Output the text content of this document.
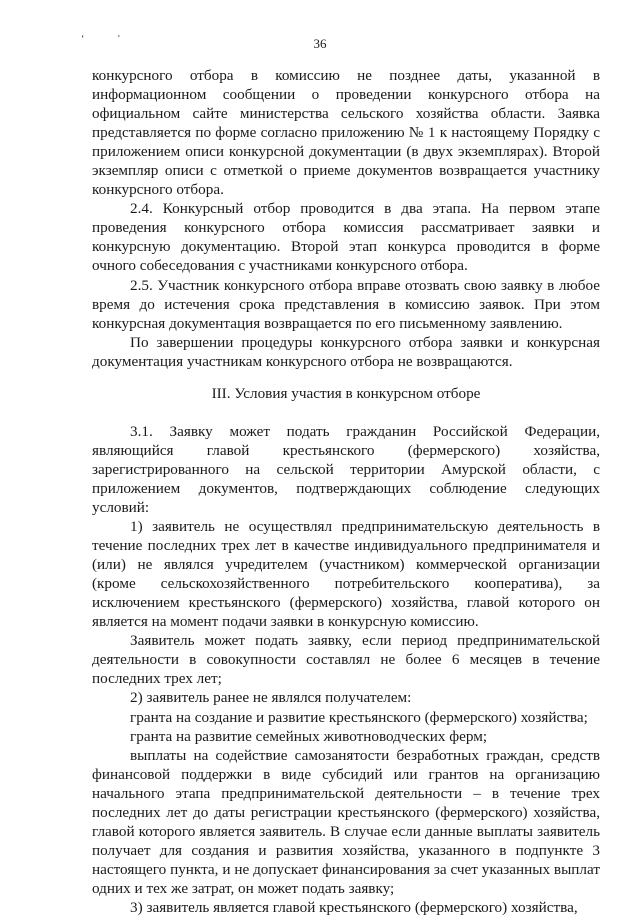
‘	'	36

конкурсного отбора в комиссию не позднее даты, указанной в информационном сообщении о проведении конкурсного отбора на официальном сайте министерства сельского хозяйства области. Заявка представляется по форме согласно приложению № 1 к настоящему Порядку с приложением описи конкурсной документации (в двух экземплярах). Второй экземпляр описи с отметкой о приеме документов возвращается участнику конкурсного отбора.

2.4. Конкурсный отбор проводится в два этапа. На первом этапе проведения конкурсного отбора комиссия рассматривает заявки и конкурсную документацию. Второй этап конкурса проводится в форме очного собеседования с участниками конкурсного отбора.

2.5. Участник конкурсного отбора вправе отозвать свою заявку в любое время до истечения срока представления в комиссию заявок. При этом конкурсная документация возвращается по его письменному заявлению.

По завершении процедуры конкурсного отбора заявки и конкурсная документация участникам конкурсного отбора не возвращаются.

III. Условия участия в конкурсном отборе

3.1. Заявку может подать гражданин Российской Федерации, являющийся главой крестьянского (фермерского) хозяйства, зарегистрированного на сельской территории Амурской области, с приложением документов, подтверждающих соблюдение следующих условий:

1) заявитель не осуществлял предпринимательскую деятельность в течение последних трех лет в качестве индивидуального предпринимателя и (или) не являлся учредителем (участником) коммерческой организации (кроме сельскохозяйственного потребительского кооператива), за исключением крестьянского (фермерского) хозяйства, главой которого он является на момент подачи заявки в конкурсную комиссию.

Заявитель может подать заявку, если период предпринимательской деятельности в совокупности составлял не более 6 месяцев в течение последних трех лет;

2) заявитель ранее не являлся получателем:

гранта на создание и развитие крестьянского (фермерского) хозяйства;

гранта на развитие семейных животноводческих ферм;

выплаты на содействие самозанятости безработных граждан, средств финансовой поддержки в виде субсидий или грантов на организацию начального этапа предпринимательской деятельности – в течение трех последних лет до даты регистрации крестьянского (фермерского) хозяйства, главой которого является заявитель. В случае если данные выплаты заявитель получает для создания и развития хозяйства, указанного в подпункте 3 настоящего пункта, и не допускает финансирования за счет указанных выплат одних и тех же затрат, он может подать заявку;

3) заявитель является главой крестьянского (фермерского) хозяйства,
